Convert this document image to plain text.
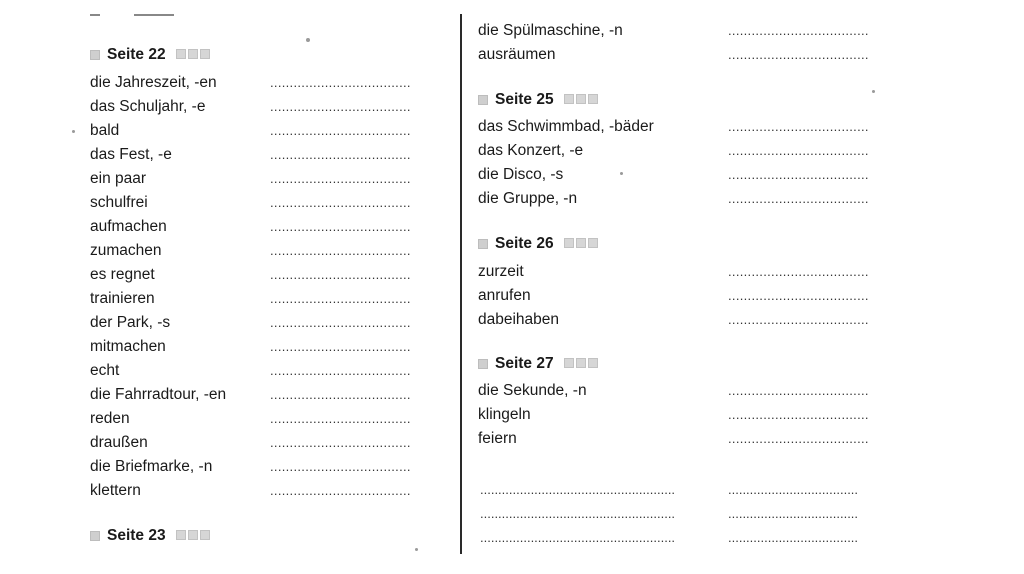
Seite 22
die Jahreszeit, -en	....................................
das Schuljahr, -e	....................................
bald	....................................
das Fest, -e	....................................
ein paar	....................................
schulfrei	....................................
aufmachen	....................................
zumachen	....................................
es regnet	....................................
trainieren	....................................
der Park, -s	....................................
mitmachen	....................................
echt	....................................
die Fahrradtour, -en	....................................
reden	....................................
draußen	....................................
die Briefmarke, -n	....................................
klettern	....................................
Seite 23
die Spülmaschine, -n	....................................
ausräumen	....................................
Seite 25
das Schwimmbad, -bäder	....................................
das Konzert, -e	....................................
die Disco, -s	....................................
die Gruppe, -n	....................................
Seite 26
zurzeit	....................................
anrufen	....................................
dabeihaben	....................................
Seite 27
die Sekunde, -n	....................................
klingeln	....................................
feiern	....................................
......................................................	....................................
......................................................	....................................
......................................................	....................................
